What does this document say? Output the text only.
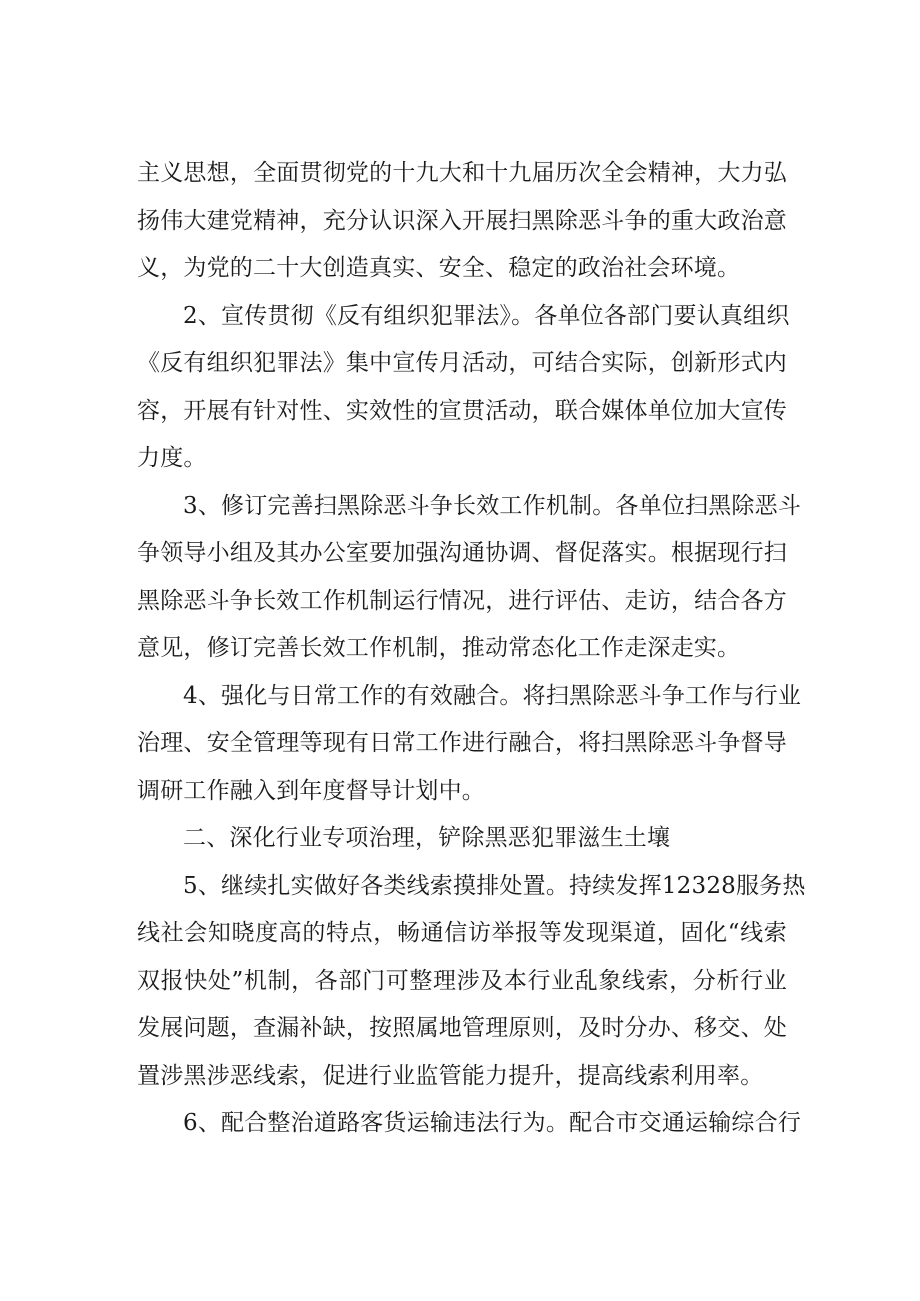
主义思想，全面贯彻党的十九大和十九届历次全会精神，大力弘
扬伟大建党精神，充分认识深入开展扫黑除恶斗争的重大政治意
义，为党的二十大创造真实、安全、稳定的政治社会环境。
2、宣传贯彻《反有组织犯罪法》。各单位各部门要认真组织
《反有组织犯罪法》集中宣传月活动，可结合实际，创新形式内
容，开展有针对性、实效性的宣贯活动，联合媒体单位加大宣传
力度。
3、修订完善扫黑除恶斗争长效工作机制。各单位扫黑除恶斗
争领导小组及其办公室要加强沟通协调、督促落实。根据现行扫
黑除恶斗争长效工作机制运行情况，进行评估、走访，结合各方
意见，修订完善长效工作机制，推动常态化工作走深走实。
4、强化与日常工作的有效融合。将扫黑除恶斗争工作与行业
治理、安全管理等现有日常工作进行融合，将扫黑除恶斗争督导
调研工作融入到年度督导计划中。
二、深化行业专项治理，铲除黑恶犯罪滋生土壤
5、继续扎实做好各类线索摸排处置。持续发挥12328服务热
线社会知晓度高的特点，畅通信访举报等发现渠道，固化“线索
双报快处”机制，各部门可整理涉及本行业乱象线索，分析行业
发展问题，查漏补缺，按照属地管理原则，及时分办、移交、处
置涉黑涉恶线索，促进行业监管能力提升，提高线索利用率。
6、配合整治道路客货运输违法行为。配合市交通运输综合行
